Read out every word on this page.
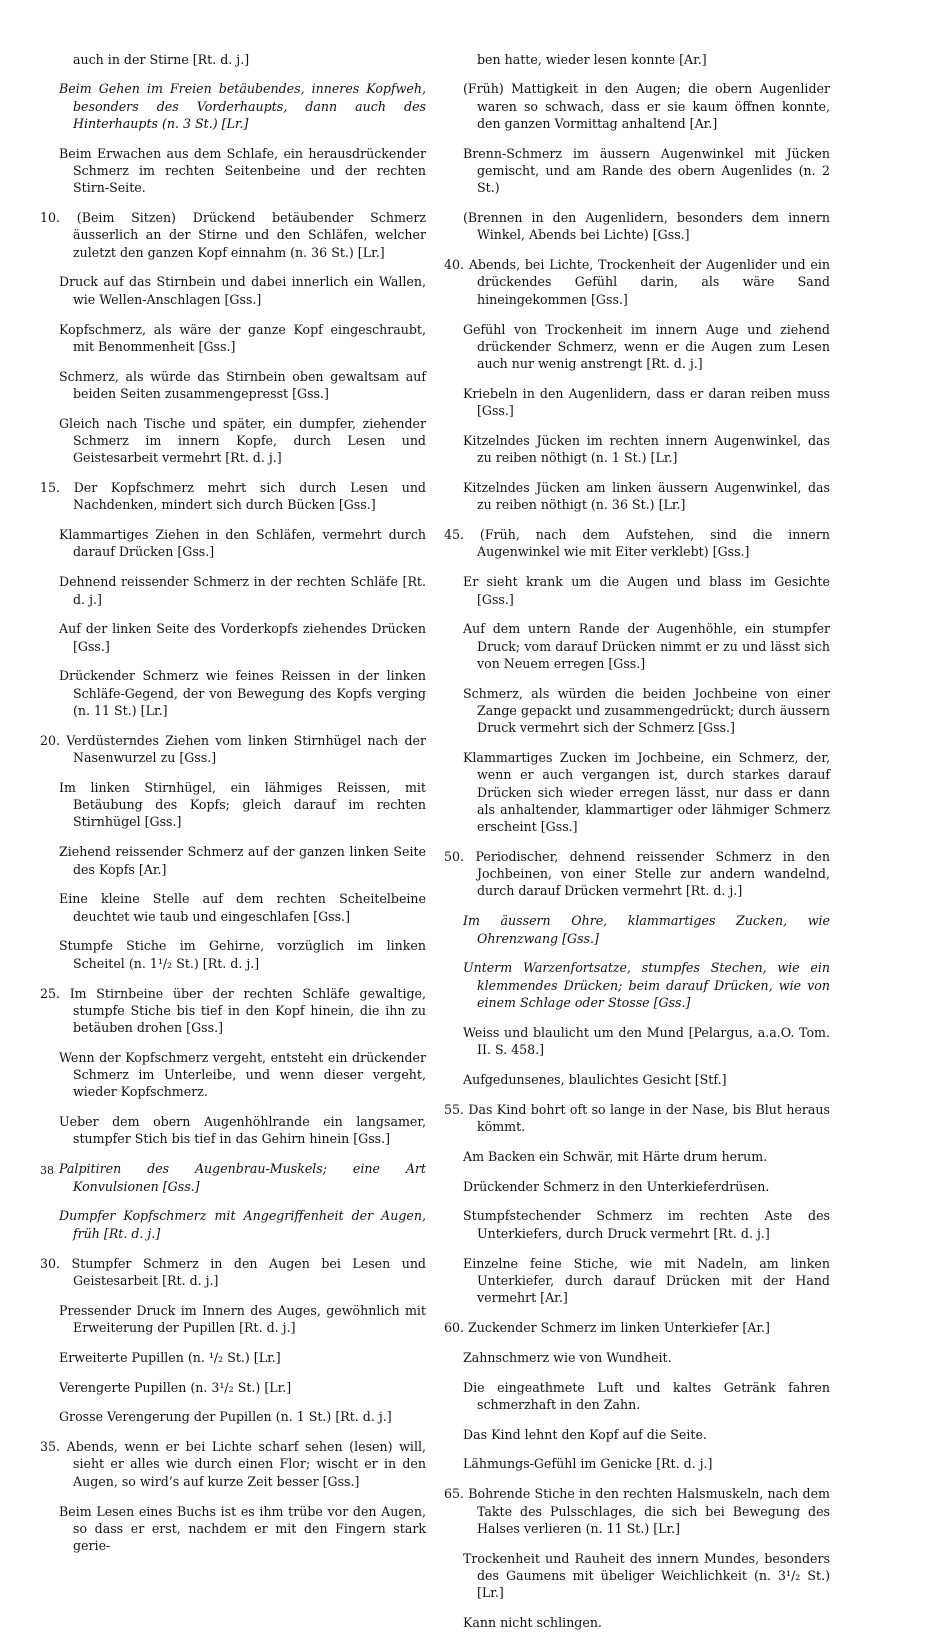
auch in der Stirne [Rt. d. j.]

Beim Gehen im Freien betäubendes, inneres Kopfweh, besonders des Vorderhaupts, dann auch des Hinterhaupts (n. 3 St.) [Lr.]

Beim Erwachen aus dem Schlafe, ein herausdrückender Schmerz im rechten Seitenbeine und der rechten Stirn-Seite.

10. (Beim Sitzen) Drückend betäubender Schmerz äusserlich an der Stirne und den Schläfen, welcher zuletzt den ganzen Kopf einnahm (n. 36 St.) [Lr.]

Druck auf das Stirnbein und dabei innerlich ein Wallen, wie Wellen-Anschlagen [Gss.]

Kopfschmerz, als wäre der ganze Kopf eingeschraubt, mit Benommenheit [Gss.]

Schmerz, als würde das Stirnbein oben gewaltsam auf beiden Seiten zusammengepresst [Gss.]

Gleich nach Tische und später, ein dumpfer, ziehender Schmerz im innern Kopfe, durch Lesen und Geistesarbeit vermehrt [Rt. d. j.]

15. Der Kopfschmerz mehrt sich durch Lesen und Nachdenken, mindert sich durch Bücken [Gss.]

Klammartiges Ziehen in den Schläfen, vermehrt durch darauf Drücken [Gss.]

Dehnend reissender Schmerz in der rechten Schläfe [Rt. d. j.]

Auf der linken Seite des Vorderkopfs ziehendes Drücken [Gss.]

Drückender Schmerz wie feines Reissen in der linken Schläfe-Gegend, der von Bewegung des Kopfs verging (n. 11 St.) [Lr.]

20. Verdüsterndes Ziehen vom linken Stirnhügel nach der Nasenwurzel zu [Gss.]

Im linken Stirnhügel, ein lähmiges Reissen, mit Betäubung des Kopfs; gleich darauf im rechten Stirnhügel [Gss.]

Ziehend reissender Schmerz auf der ganzen linken Seite des Kopfs [Ar.]

Eine kleine Stelle auf dem rechten Scheitelbeine deuchtet wie taub und eingeschlafen [Gss.]

Stumpfe Stiche im Gehirne, vorzüglich im linken Scheitel (n. 1¹/₂ St.) [Rt. d. j.]

25. Im Stirnbeine über der rechten Schläfe gewaltige, stumpfe Stiche bis tief in den Kopf hinein, die ihn zu betäuben drohen [Gss.]

Wenn der Kopfschmerz vergeht, entsteht ein drückender Schmerz im Unterleibe, und wenn dieser vergeht, wieder Kopfschmerz.

Ueber dem obern Augenhöhlrande ein langsamer, stumpfer Stich bis tief in das Gehirn hinein [Gss.]

Palpitiren des Augenbrau-Muskels; eine Art Konvulsionen [Gss.]

Dumpfer Kopfschmerz mit Angegriffenheit der Augen, früh [Rt. d. j.]

30. Stumpfer Schmerz in den Augen bei Lesen und Geistesarbeit [Rt. d. j.]

Pressender Druck im Innern des Auges, gewöhnlich mit Erweiterung der Pupillen [Rt. d. j.]

Erweiterte Pupillen (n. ¹/₂ St.) [Lr.]

Verengerte Pupillen (n. 3¹/₂ St.) [Lr.]

Grosse Verengerung der Pupillen (n. 1 St.) [Rt. d. j.]

35. Abends, wenn er bei Lichte scharf sehen (lesen) will, sieht er alles wie durch einen Flor; wischt er in den Augen, so wird’s auf kurze Zeit besser [Gss.]

Beim Lesen eines Buchs ist es ihm trübe vor den Augen, so dass er erst, nachdem er mit den Fingern stark gerie-

ben hatte, wieder lesen konnte [Ar.]

(Früh) Mattigkeit in den Augen; die obern Augenlider waren so schwach, dass er sie kaum öffnen konnte, den ganzen Vormittag anhaltend [Ar.]

Brenn-Schmerz im äussern Augenwinkel mit Jücken gemischt, und am Rande des obern Augenlides (n. 2 St.)

(Brennen in den Augenlidern, besonders dem innern Winkel, Abends bei Lichte) [Gss.]

40. Abends, bei Lichte, Trockenheit der Augenlider und ein drückendes Gefühl darin, als wäre Sand hineingekommen [Gss.]

Gefühl von Trockenheit im innern Auge und ziehend drückender Schmerz, wenn er die Augen zum Lesen auch nur wenig anstrengt [Rt. d. j.]

Kriebeln in den Augenlidern, dass er daran reiben muss [Gss.]

Kitzelndes Jücken im rechten innern Augenwinkel, das zu reiben nöthigt (n. 1 St.) [Lr.]

Kitzelndes Jücken am linken äussern Augenwinkel, das zu reiben nöthigt (n. 36 St.) [Lr.]

45. (Früh, nach dem Aufstehen, sind die innern Augenwinkel wie mit Eiter verklebt) [Gss.]

Er sieht krank um die Augen und blass im Gesichte [Gss.]

Auf dem untern Rande der Augenhöhle, ein stumpfer Druck; vom darauf Drücken nimmt er zu und lässt sich von Neuem erregen [Gss.]

Schmerz, als würden die beiden Jochbeine von einer Zange gepackt und zusammengedrückt; durch äussern Druck vermehrt sich der Schmerz [Gss.]

Klammartiges Zucken im Jochbeine, ein Schmerz, der, wenn er auch vergangen ist, durch starkes darauf Drücken sich wieder erregen lässt, nur dass er dann als anhaltender, klammartiger oder lähmiger Schmerz erscheint [Gss.]

50. Periodischer, dehnend reissender Schmerz in den Jochbeinen, von einer Stelle zur andern wandelnd, durch darauf Drücken vermehrt [Rt. d. j.]

Im äussern Ohre, klammartiges Zucken, wie Ohrenzwang [Gss.]

Unterm Warzenfortsatze, stumpfes Stechen, wie ein klemmendes Drücken; beim darauf Drücken, wie von einem Schlage oder Stosse [Gss.]

Weiss und blaulicht um den Mund [Pelargus, a.a.O. Tom. II. S. 458.]

Aufgedunsenes, blaulichtes Gesicht [Stf.]

55. Das Kind bohrt oft so lange in der Nase, bis Blut heraus kömmt.

Am Backen ein Schwär, mit Härte drum herum.

Drückender Schmerz in den Unterkieferdrüsen.

Stumpfstechender Schmerz im rechten Aste des Unterkiefers, durch Druck vermehrt [Rt. d. j.]

Einzelne feine Stiche, wie mit Nadeln, am linken Unterkiefer, durch darauf Drücken mit der Hand vermehrt [Ar.]

60. Zuckender Schmerz im linken Unterkiefer [Ar.]

Zahnschmerz wie von Wundheit.

Die eingeathmete Luft und kaltes Getränk fahren schmerzhaft in den Zahn.

Das Kind lehnt den Kopf auf die Seite.

Lähmungs-Gefühl im Genicke [Rt. d. j.]

65. Bohrende Stiche in den rechten Halsmuskeln, nach dem Takte des Pulsschlages, die sich bei Bewegung des Halses verlieren (n. 11 St.) [Lr.]

Trockenheit und Rauheit des innern Mundes, besonders des Gaumens mit übeliger Weichlichkeit (n. 3¹/₂ St.) [Lr.]

Kann nicht schlingen.

38
